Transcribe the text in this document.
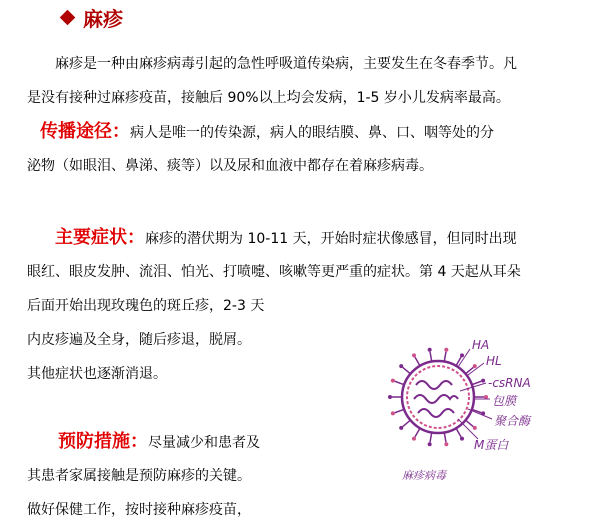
麻疹
麻疹是一种由麻疹病毒引起的急性呼吸道传染病，主要发生在冬春季节。凡
是没有接种过麻疹疫苗，接触后 90%以上均会发病，1-5 岁小儿发病率最高。
传播途径：病人是唯一的传染源，病人的眼结膜、鼻、口、咽等处的分
泌物（如眼泪、鼻涕、痰等）以及尿和血液中都存在着麻疹病毒。
主要症状：麻疹的潜伏期为 10-11 天，开始时症状像感冒，但同时出现
眼红、眼皮发肿、流泪、怕光、打喷嚏、咳嗽等更严重的症状。第 4 天起从耳朵
后面开始出现玫瑰色的斑丘疹，2-3 天
内皮疹遍及全身，随后疹退，脱屑。
其他症状也逐渐消退。
预防措施：尽量减少和患者及
其患者家属接触是预防麻疹的关键。
做好保健工作，按时接种麻疹疫苗，
HA
HL
-csRNA
包膜
聚合酶
M蛋白
麻疹病毒
